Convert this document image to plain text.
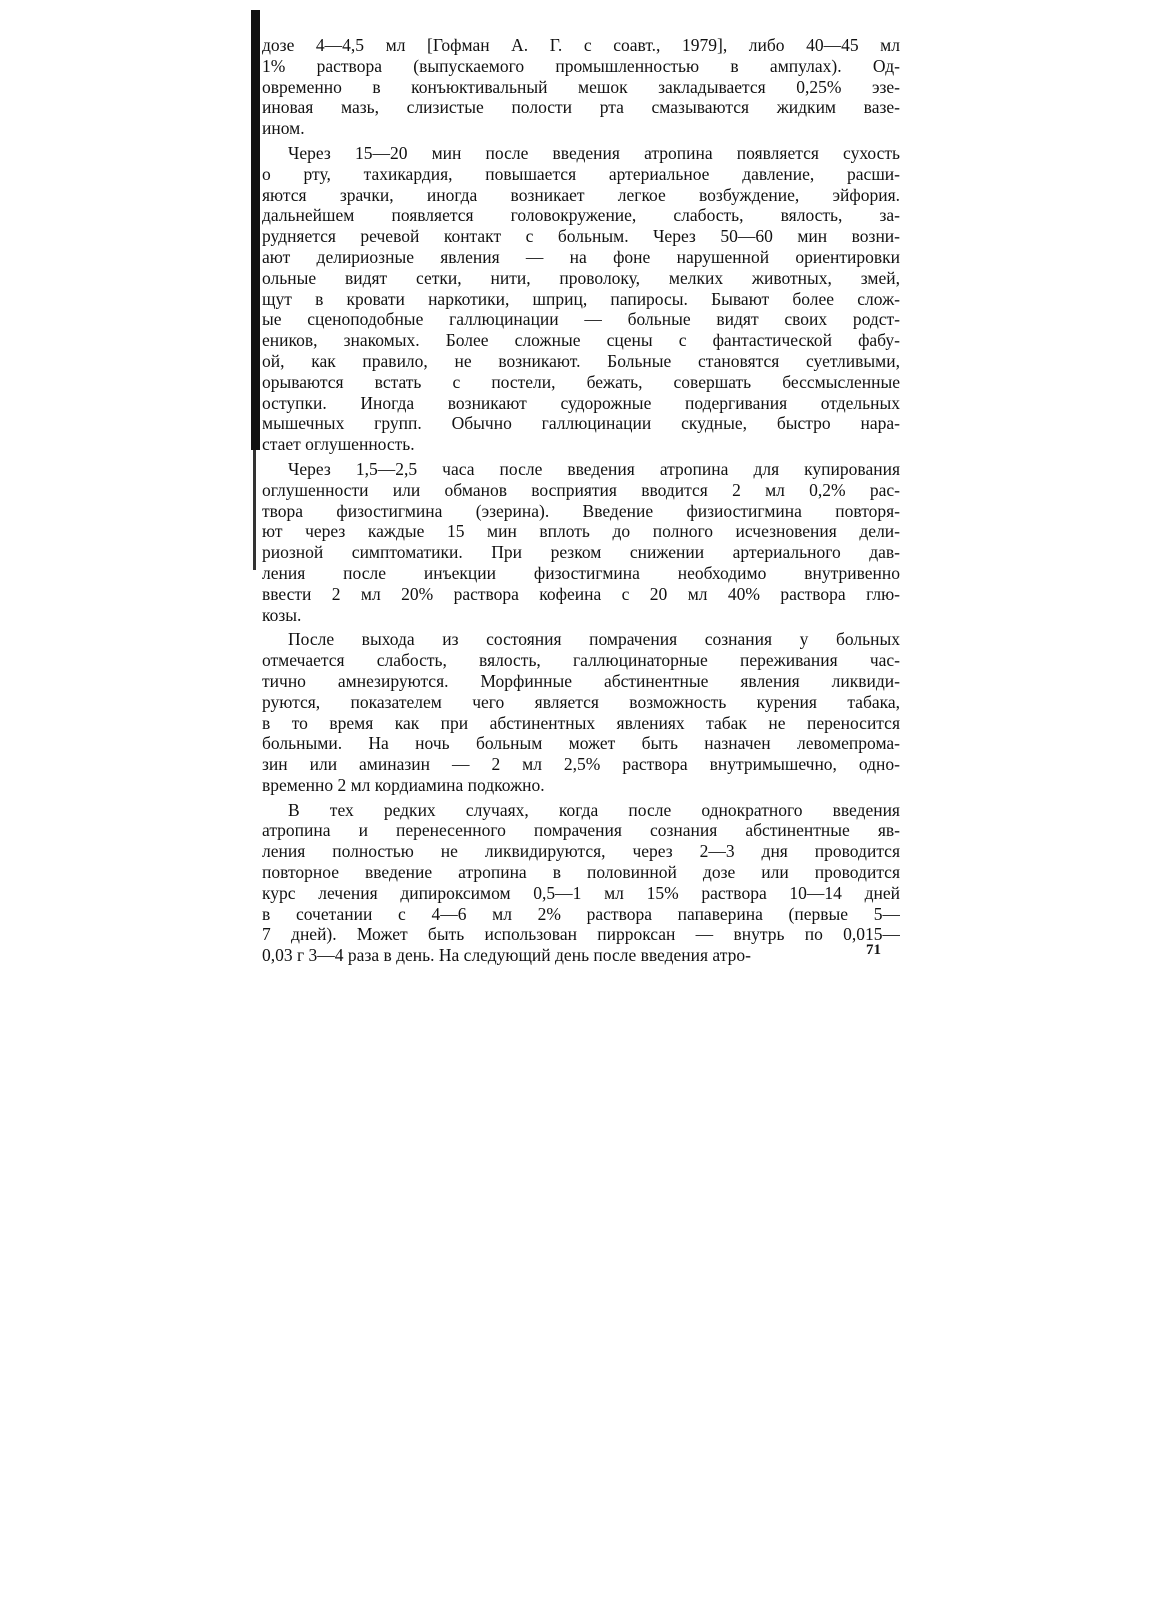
дозе 4—4,5 мл [Гофман А. Г. с соавт., 1979], либо 40—45 мл
1% раствора (выпускаемого промышленностью в ампулах). Од-
овременно в конъюктивальный мешок закладывается 0,25% эзе-
иновая мазь, слизистые полости рта смазываются жидким вазе-
ином.
Через 15—20 мин после введения атропина появляется сухость
о рту, тахикардия, повышается артериальное давление, расши-
яются зрачки, иногда возникает легкое возбуждение, эйфория.
дальнейшем появляется головокружение, слабость, вялость, за-
рудняется речевой контакт с больным. Через 50—60 мин возни-
ают делириозные явления — на фоне нарушенной ориентировки
ольные видят сетки, нити, проволоку, мелких животных, змей,
щут в кровати наркотики, шприц, папиросы. Бывают более слож-
ые сценоподобные галлюцинации — больные видят своих родст-
еников, знакомых. Более сложные сцены с фантастической фабу-
ой, как правило, не возникают. Больные становятся суетливыми,
орываются встать с постели, бежать, совершать бессмысленные
оступки. Иногда возникают судорожные подергивания отдельных
мышечных групп. Обычно галлюцинации скудные, быстро нара-
стает оглушенность.
Через 1,5—2,5 часа после введения атропина для купирования
оглушенности или обманов восприятия вводится 2 мл 0,2% рас-
твора физостигмина (эзерина). Введение физиостигмина повторя-
ют через каждые 15 мин вплоть до полного исчезновения дели-
риозной симптоматики. При резком снижении артериального дав-
ления после инъекции физостигмина необходимо внутривенно
ввести 2 мл 20% раствора кофеина с 20 мл 40% раствора глю-
козы.
После выхода из состояния помрачения сознания у больных
отмечается слабость, вялость, галлюцинаторные переживания час-
тично амнезируются. Морфинные абстинентные явления ликвиди-
руются, показателем чего является возможность курения табака,
в то время как при абстинентных явлениях табак не переносится
больными. На ночь больным может быть назначен левомепрома-
зин или аминазин — 2 мл 2,5% раствора внутримышечно, одно-
временно 2 мл кордиамина подкожно.
В тех редких случаях, когда после однократного введения
атропина и перенесенного помрачения сознания абстинентные яв-
ления полностью не ликвидируются, через 2—3 дня проводится
повторное введение атропина в половинной дозе или проводится
курс лечения дипироксимом 0,5—1 мл 15% раствора 10—14 дней
в сочетании с 4—6 мл 2% раствора папаверина (первые 5—
7 дней). Может быть использован пирроксан — внутрь по 0,015—
0,03 г 3—4 раза в день. На следующий день после введения атро-	71
